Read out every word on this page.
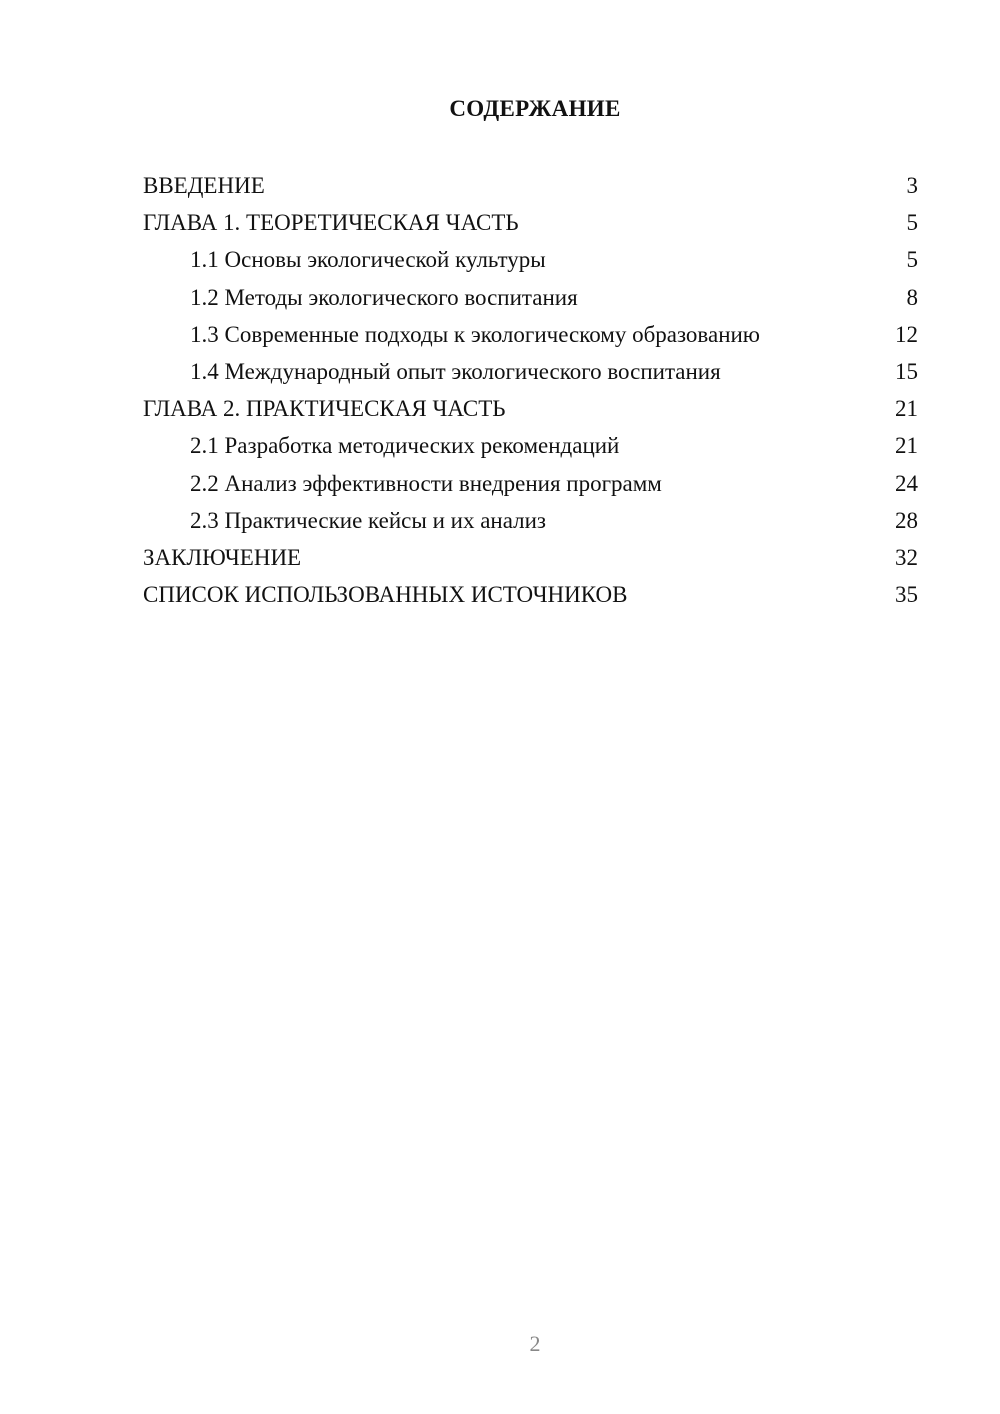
СОДЕРЖАНИЕ
ВВЕДЕНИЕ	3
ГЛАВА 1. ТЕОРЕТИЧЕСКАЯ ЧАСТЬ	5
1.1 Основы экологической культуры	5
1.2 Методы экологического воспитания	8
1.3 Современные подходы к экологическому образованию	12
1.4 Международный опыт экологического воспитания	15
ГЛАВА 2. ПРАКТИЧЕСКАЯ ЧАСТЬ	21
2.1 Разработка методических рекомендаций	21
2.2 Анализ эффективности внедрения программ	24
2.3 Практические кейсы и их анализ	28
ЗАКЛЮЧЕНИЕ	32
СПИСОК ИСПОЛЬЗОВАННЫХ ИСТОЧНИКОВ	35
2
